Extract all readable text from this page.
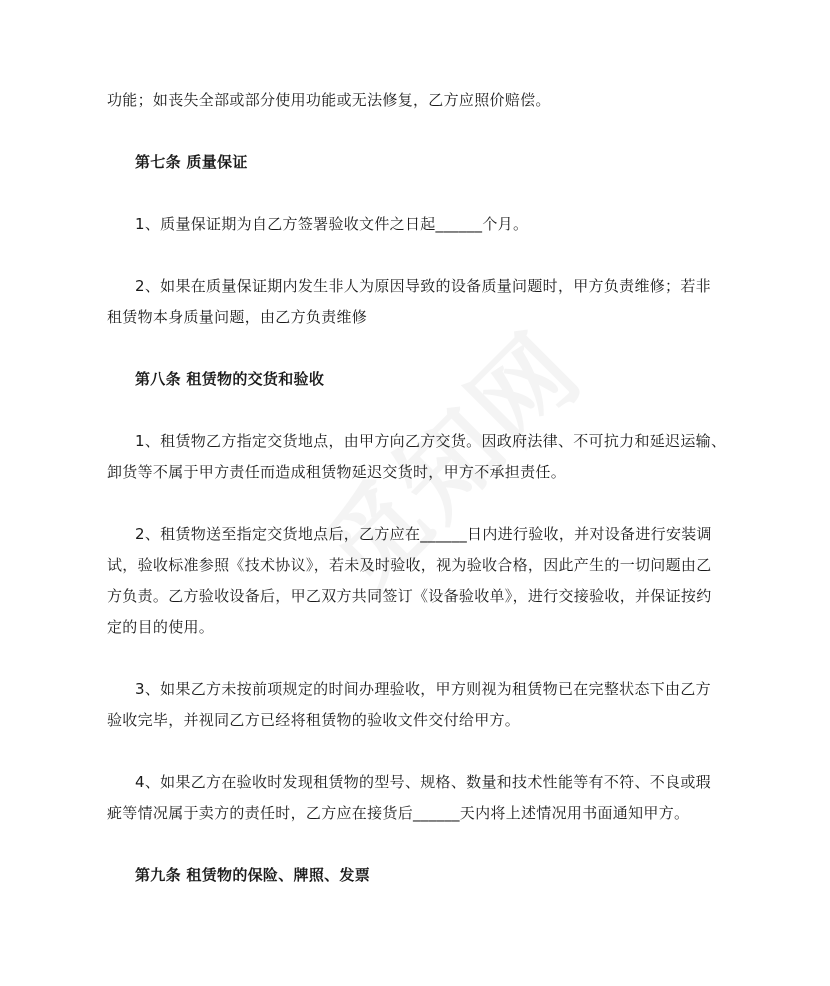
功能；如丧失全部或部分使用功能或无法修复，乙方应照价赔偿。
第七条 质量保证
1、质量保证期为自乙方签署验收文件之日起______个月。
2、如果在质量保证期内发生非人为原因导致的设备质量问题时，甲方负责维修；若非
租赁物本身质量问题，由乙方负责维修
第八条 租赁物的交货和验收
1、租赁物乙方指定交货地点，由甲方向乙方交货。因政府法律、不可抗力和延迟运输、
卸货等不属于甲方责任而造成租赁物延迟交货时，甲方不承担责任。
2、租赁物送至指定交货地点后，乙方应在______日内进行验收，并对设备进行安装调
试，验收标准参照《技术协议》，若未及时验收，视为验收合格，因此产生的一切问题由乙
方负责。乙方验收设备后，甲乙双方共同签订《设备验收单》，进行交接验收，并保证按约
定的目的使用。
3、如果乙方未按前项规定的时间办理验收，甲方则视为租赁物已在完整状态下由乙方
验收完毕，并视同乙方已经将租赁物的验收文件交付给甲方。
4、如果乙方在验收时发现租赁物的型号、规格、数量和技术性能等有不符、不良或瑕
疵等情况属于卖方的责任时，乙方应在接货后______天内将上述情况用书面通知甲方。
第九条 租赁物的保险、牌照、发票
